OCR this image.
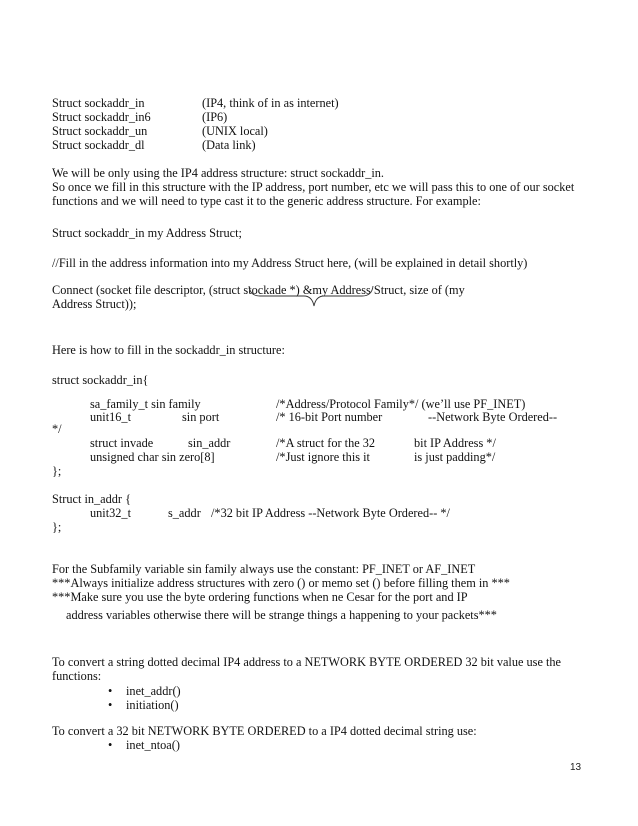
Struct sockaddr_in	(IP4, think of in as internet)
Struct sockaddr_in6	(IP6)
Struct sockaddr_un	(UNIX local)
Struct sockaddr_dl	(Data link)
We will be only using the IP4 address structure: struct sockaddr_in.
So once we fill in this structure with the IP address, port number, etc we will pass this to one of our socket
functions and we will need to type cast it to the generic address structure. For example:
Struct sockaddr_in my Address Struct;
//Fill in the address information into my Address Struct here, (will be explained in detail shortly)
Connect (socket file descriptor, (struct stockade *) &my Address Struct, size of (my
Address Struct));
Here is how to fill in the sockaddr_in structure:
struct sockaddr_in{
sa_family_t sin family	/*Address/Protocol Family*/ (we’ll use PF_INET)
unit16_t	sin port	/* 16-bit Port number	--Network Byte Ordered--
*/
struct invade	sin_addr	/*A struct for the 32	bit IP Address */
unsigned char sin zero[8]	/*Just ignore this it	is just padding*/
};
Struct in_addr {
unit32_t	s_addr /*32 bit IP Address --Network Byte Ordered-- */
};
For the Subfamily variable sin family always use the constant: PF_INET or AF_INET
***Always initialize address structures with zero () or memo set () before filling them in ***
***Make sure you use the byte ordering functions when ne Cesar for the port and IP
address variables otherwise there will be strange things a happening to your packets***
To convert a string dotted decimal IP4 address to a NETWORK BYTE ORDERED 32 bit value use the
functions:
• inet_addr()
• initiation()
To convert a 32 bit NETWORK BYTE ORDERED to a IP4 dotted decimal string use:
• inet_ntoa()
13
